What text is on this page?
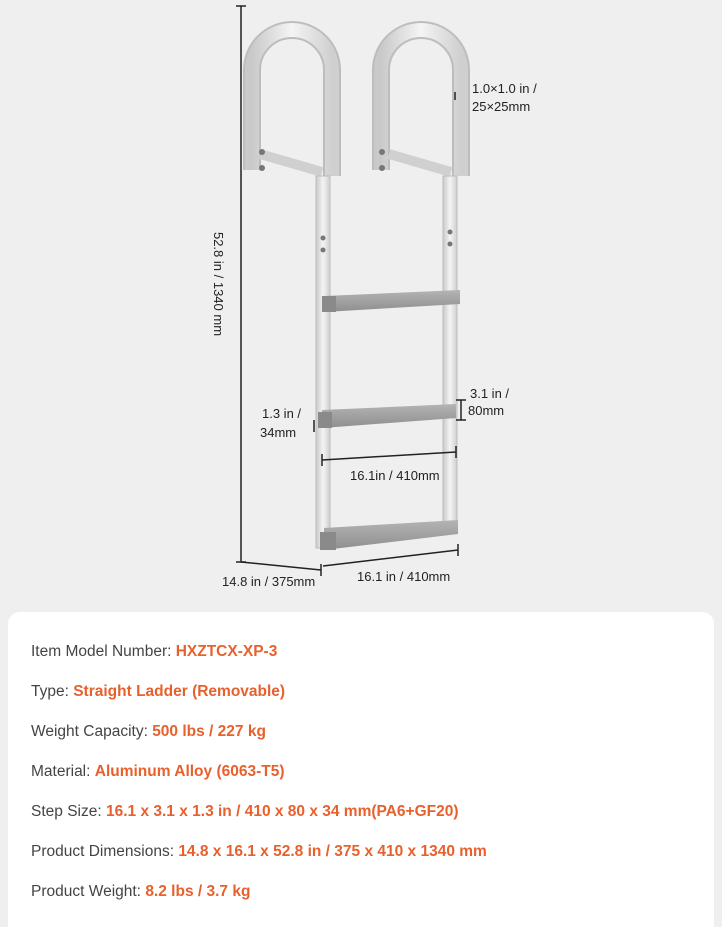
52.8 in / 1340 mm
1.0×1.0 in /
25×25mm
3.1 in /
80mm
1.3 in /
34mm
16.1in / 410mm
14.8 in / 375mm	16.1 in / 410mm
Item Model Number: HXZTCX-XP-3
Type: Straight Ladder (Removable)
Weight Capacity: 500 lbs / 227 kg
Material: Aluminum Alloy (6063-T5)
Step Size: 16.1 x 3.1 x 1.3 in / 410 x 80 x 34 mm(PA6+GF20)
Product Dimensions: 14.8 x 16.1 x 52.8 in / 375 x 410 x 1340 mm
Product Weight: 8.2 lbs / 3.7 kg
